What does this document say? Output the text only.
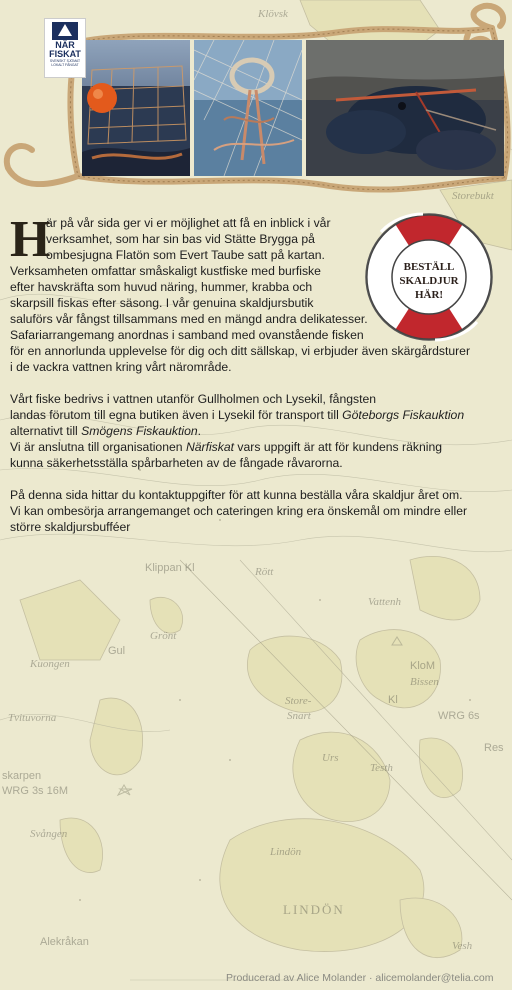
Klövsk
Storebukt
Klippan Kl	Rött
Grönt
Vattenh
Kuongen
Gul
Tvituvorna
KlоМ
Bissen
Kl
WRG 6s
Res
Store-
Snart
Urs
Testh
skarpen
WRG 3s 16M
Svången
Lindön
LINDÖN
Alekråkan	Vesh
NÄR FISKAT
SVENSKT SJÖMAT LOKALT FÅNGAT
BESTÄLL
SKALDJUR
HÄR!
H
är på vår sida ger vi er möjlighet att få en inblick i vår
verksamhet, som har sin bas vid Stätte Brygga på
ombesjugna Flatön som Evert Taube satt på kartan.
Verksamheten omfattar småskaligt kustfiske med burfiske
efter havskräfta som huvud näring, hummer, krabba och
skarpsill fiskas efter säsong. I vår genuina skaldjursbutik
saluförs vår fångst tillsammans med en mängd andra delikatesser.
Safariarrangemang anordnas i samband med ovanstående fisken
för en annorlunda upplevelse för dig och ditt sällskap, vi erbjuder även skärgårdsturer
i de vackra vattnen kring vårt närområde.
Vårt fiske bedrivs i vattnen utanför Gullholmen och Lysekil, fångsten
landas förutom till egna butiken även i Lysekil för transport till Göteborgs Fiskauktion
alternativt till Smögens Fiskauktion.
Vi är anslutna till organisationen Närfiskat vars uppgift är att för kundens räkning
kunna säkerhetsställa spårbarheten av de fångade råvarorna.
På denna sida hittar du kontaktuppgifter för att kunna beställa våra skaldjur året om.
Vi kan ombesörja arrangemanget och cateringen kring era önskemål om mindre eller
större skaldjursbufféer
Producerad av Alice Molander · alicemolander@telia.com
